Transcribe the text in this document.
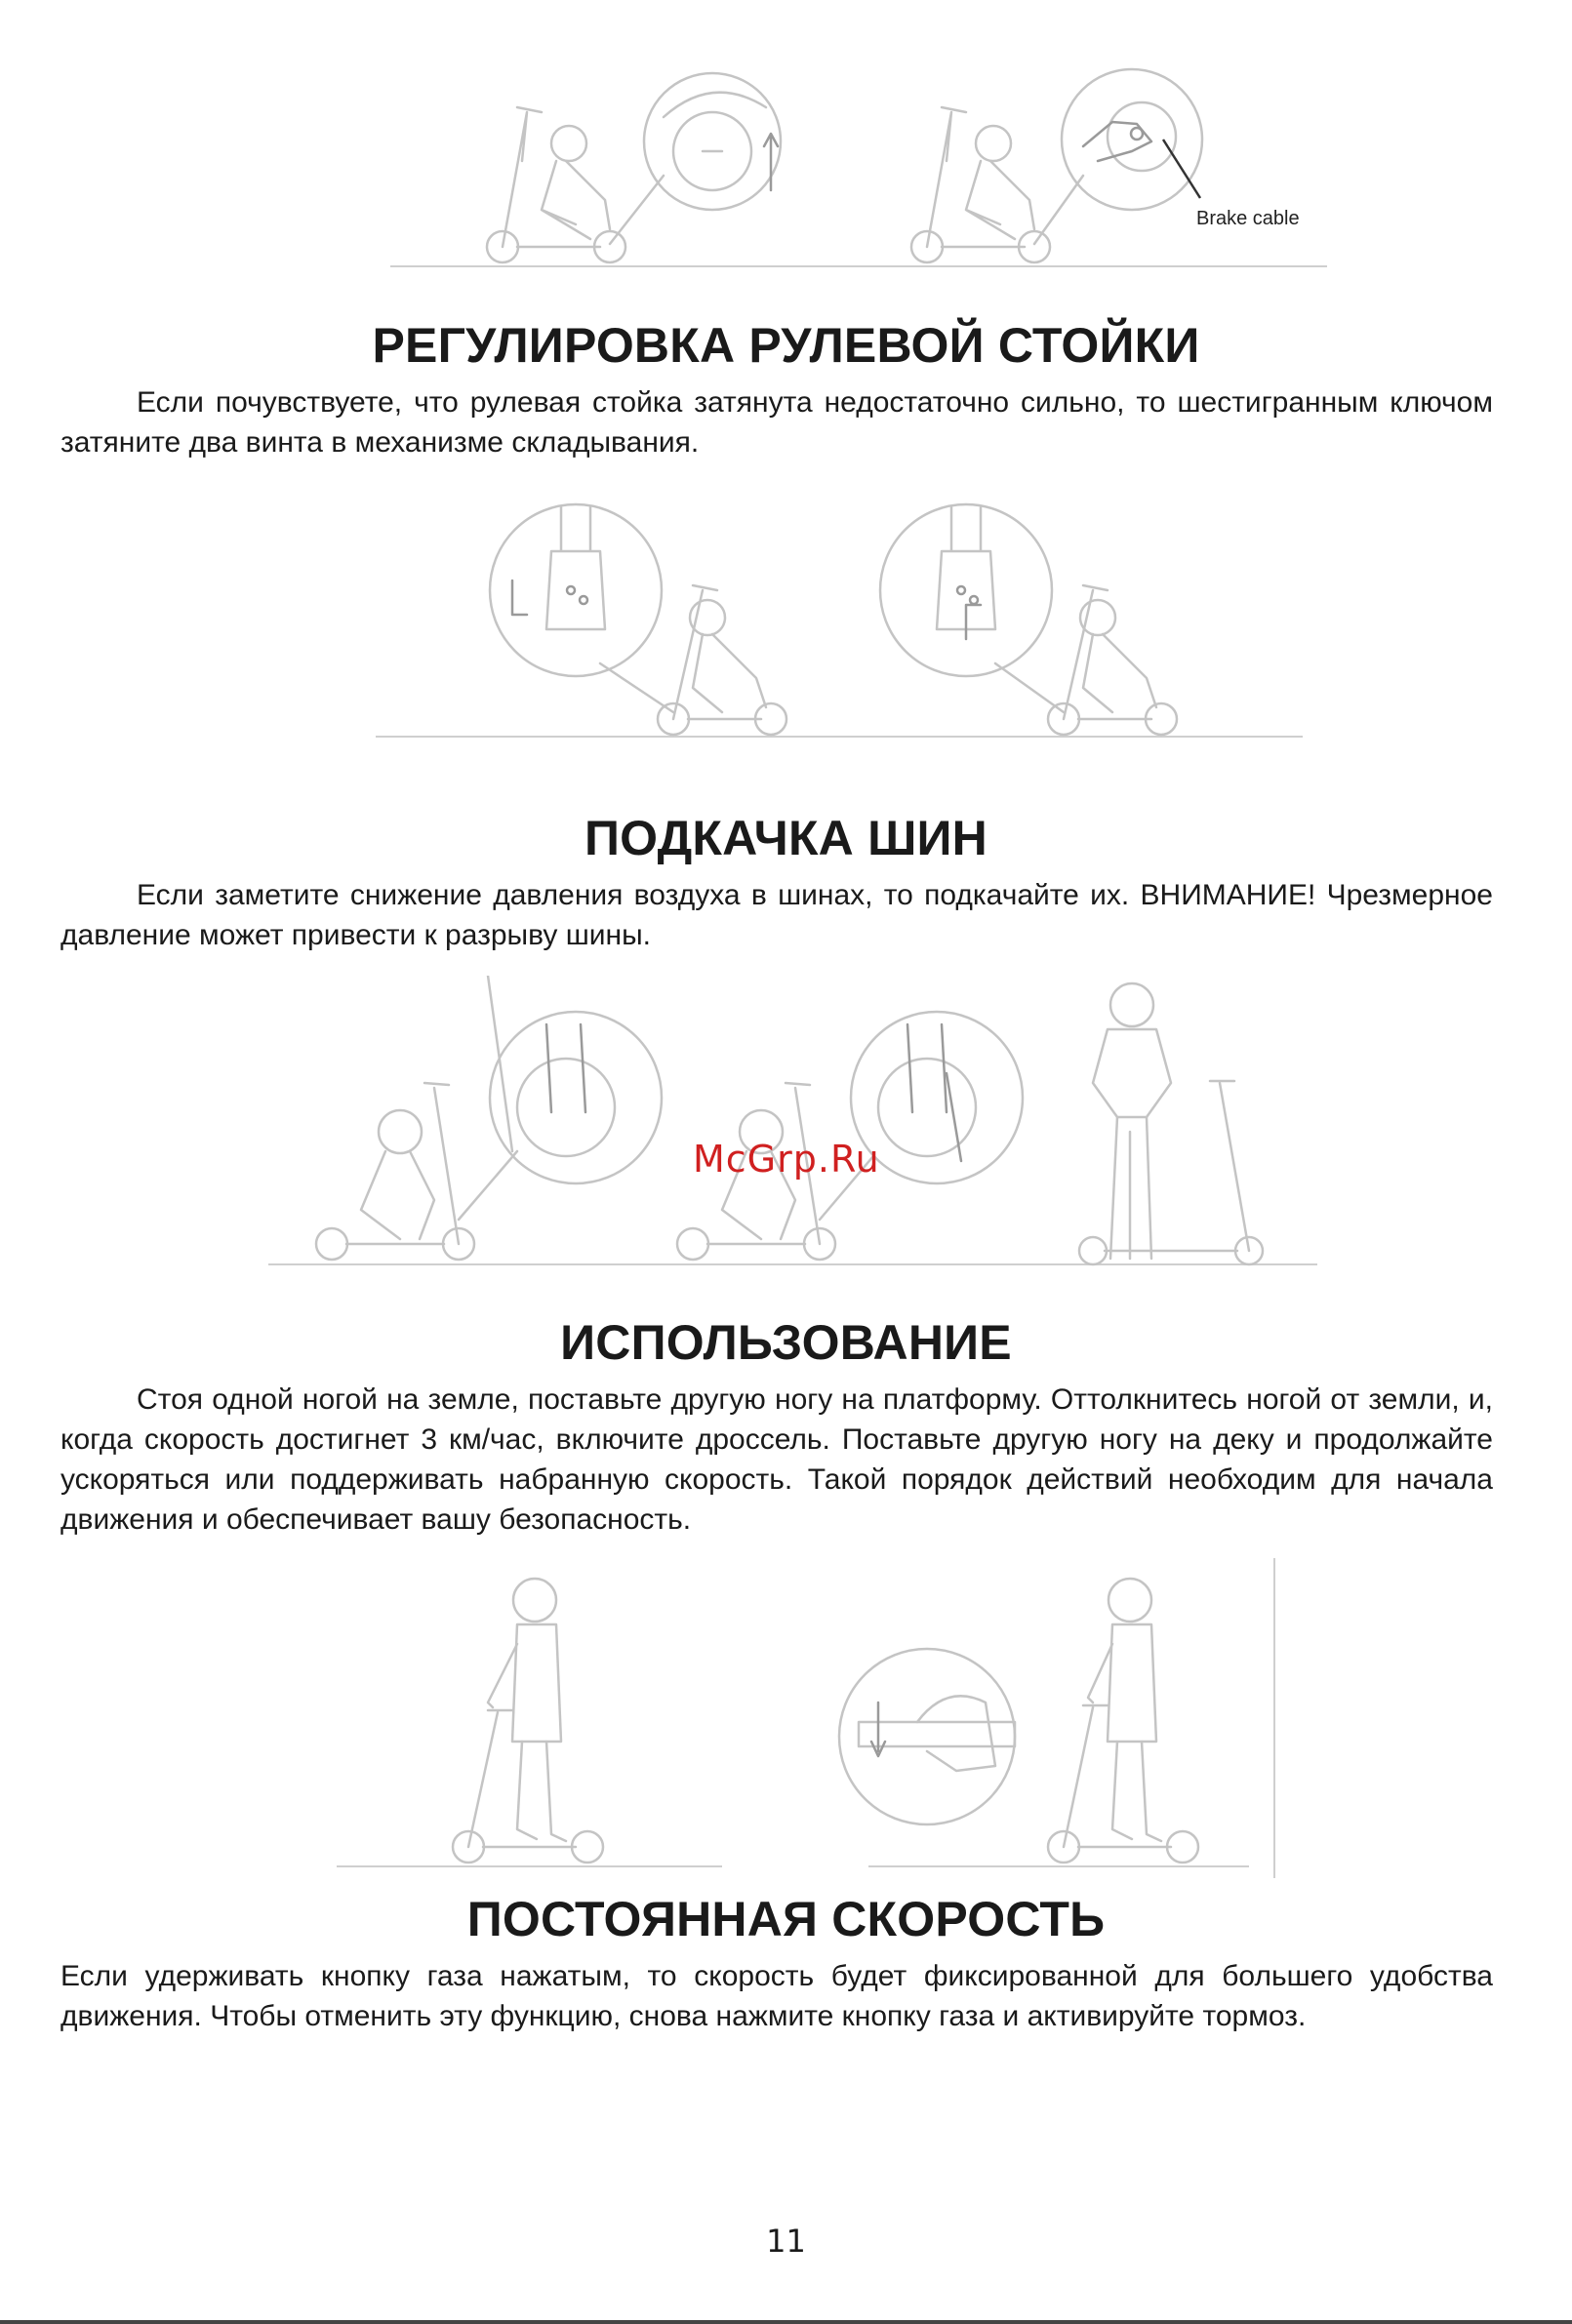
Brake cable
РЕГУЛИРОВКА РУЛЕВОЙ СТОЙКИ

Если почувствуете, что рулевая стойка затянута недостаточно сильно, то шестигранным ключом затяните два винта в механизме складывания.

ПОДКАЧКА ШИН

Если заметите снижение давления воздуха в шинах, то подкачайте их. ВНИМАНИЕ! Чрезмерное давление может привести к разрыву шины.

McGrp.Ru
ИСПОЛЬЗОВАНИЕ

Стоя одной ногой на земле, поставьте другую ногу на платформу. Оттолкнитесь ногой от земли, и, когда скорость достигнет 3 км/час, включите дроссель. Поставьте другую ногу на деку и продолжайте ускоряться или поддерживать набранную скорость. Такой порядок действий необходим для начала движения и обеспечивает вашу безопасность.

ПОСТОЯННАЯ СКОРОСТЬ

Если удерживать кнопку газа нажатым, то скорость будет фиксированной для большего удобства движения. Чтобы отменить эту функцию, снова нажмите кнопку газа и активируйте тормоз.

11
